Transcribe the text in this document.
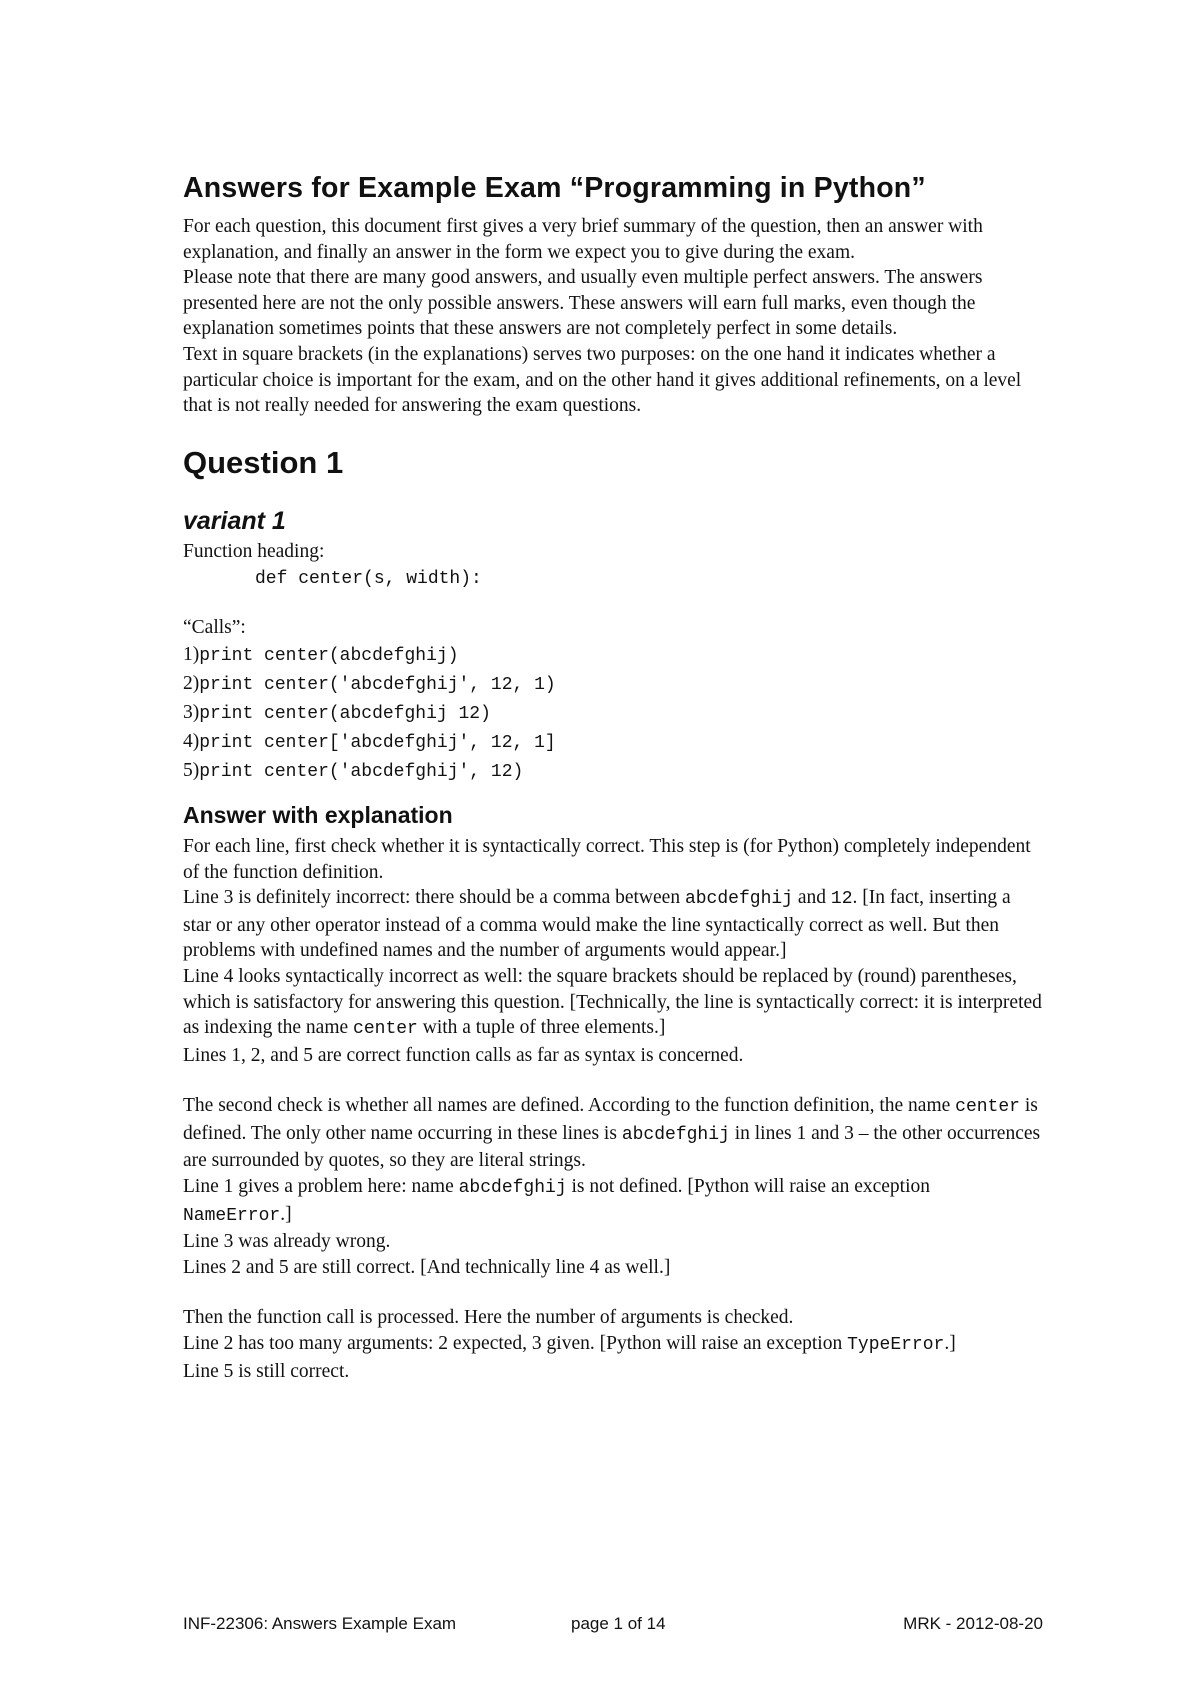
Answers for Example Exam “Programming in Python”

For each question, this document first gives a very brief summary of the question, then an answer with explanation, and finally an answer in the form we expect you to give during the exam.

Please note that there are many good answers, and usually even multiple perfect answers. The answers presented here are not the only possible answers. These answers will earn full marks, even though the explanation sometimes points that these answers are not completely perfect in some details.

Text in square brackets (in the explanations) serves two purposes: on the one hand it indicates whether a particular choice is important for the exam, and on the other hand it gives additional refinements, on a level that is not really needed for answering the exam questions.

Question 1
variant 1

Function heading:

def center(s, width):

“Calls”:

1)print center(abcdefghij)
2)print center('abcdefghij', 12, 1)
3)print center(abcdefghij 12)
4)print center['abcdefghij', 12, 1]
5)print center('abcdefghij', 12)
Answer with explanation

For each line, first check whether it is syntactically correct. This step is (for Python) completely independent of the function definition.

Line 3 is definitely incorrect: there should be a comma between abcdefghij and 12. [In fact, inserting a star or any other operator instead of a comma would make the line syntactically correct as well. But then problems with undefined names and the number of arguments would appear.]

Line 4 looks syntactically incorrect as well: the square brackets should be replaced by (round) parentheses, which is satisfactory for answering this question. [Technically, the line is syntactically correct: it is interpreted as indexing the name center with a tuple of three elements.]

Lines 1, 2, and 5 are correct function calls as far as syntax is concerned.

The second check is whether all names are defined. According to the function definition, the name center is defined. The only other name occurring in these lines is abcdefghij in lines 1 and 3 – the other occurrences are surrounded by quotes, so they are literal strings.

Line 1 gives a problem here: name abcdefghij is not defined. [Python will raise an exception NameError.]

Line 3 was already wrong.

Lines 2 and 5 are still correct. [And technically line 4 as well.]

Then the function call is processed. Here the number of arguments is checked.

Line 2 has too many arguments: 2 expected, 3 given. [Python will raise an exception TypeError.]

Line 5 is still correct.

INF-22306: Answers Example Exam	page 1 of 14	MRK - 2012-08-20
